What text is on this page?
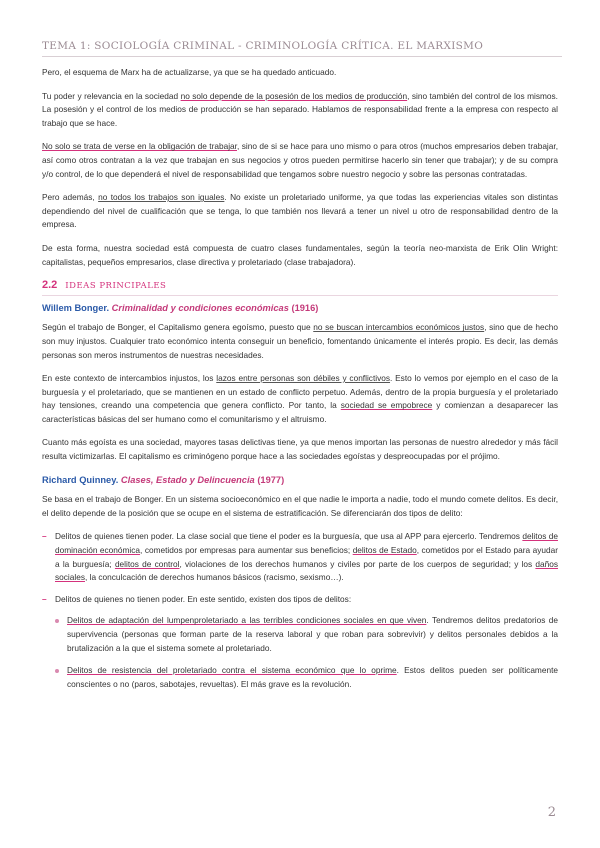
TEMA 1: SOCIOLOGÍA CRIMINAL - CRIMINOLOGÍA CRÍTICA. EL MARXISMO

Pero, el esquema de Marx ha de actualizarse, ya que se ha quedado anticuado.

Tu poder y relevancia en la sociedad no solo depende de la posesión de los medios de producción, sino también del control de los mismos. La posesión y el control de los medios de producción se han separado. Hablamos de responsabilidad frente a la empresa con respecto al trabajo que se hace.

No solo se trata de verse en la obligación de trabajar, sino de si se hace para uno mismo o para otros (muchos empresarios deben trabajar, así como otros contratan a la vez que trabajan en sus negocios y otros pueden permitirse hacerlo sin tener que trabajar); y de su compra y/o control, de lo que dependerá el nivel de responsabilidad que tengamos sobre nuestro negocio y sobre las personas contratadas.

Pero además, no todos los trabajos son iguales. No existe un proletariado uniforme, ya que todas las experiencias vitales son distintas dependiendo del nivel de cualificación que se tenga, lo que también nos llevará a tener un nivel u otro de responsabilidad dentro de la empresa.

De esta forma, nuestra sociedad está compuesta de cuatro clases fundamentales, según la teoría neo-marxista de Erik Olin Wright: capitalistas, pequeños empresarios, clase directiva y proletariado (clase trabajadora).

2.2 IDEAS PRINCIPALES
Willem Bonger. Criminalidad y condiciones económicas (1916)

Según el trabajo de Bonger, el Capitalismo genera egoísmo, puesto que no se buscan intercambios económicos justos, sino que de hecho son muy injustos. Cualquier trato económico intenta conseguir un beneficio, fomentando únicamente el interés propio. Es decir, las demás personas son meros instrumentos de nuestras necesidades.

En este contexto de intercambios injustos, los lazos entre personas son débiles y conflictivos. Esto lo vemos por ejemplo en el caso de la burguesía y el proletariado, que se mantienen en un estado de conflicto perpetuo. Además, dentro de la propia burguesía y el proletariado hay tensiones, creando una competencia que genera conflicto. Por tanto, la sociedad se empobrece y comienzan a desaparecer las características básicas del ser humano como el comunitarismo y el altruismo.

Cuanto más egoísta es una sociedad, mayores tasas delictivas tiene, ya que menos importan las personas de nuestro alrededor y más fácil resulta victimizarlas. El capitalismo es criminógeno porque hace a las sociedades egoístas y despreocupadas por el prójimo.

Richard Quinney. Clases, Estado y Delincuencia (1977)

Se basa en el trabajo de Bonger. En un sistema socioeconómico en el que nadie le importa a nadie, todo el mundo comete delitos. Es decir, el delito depende de la posición que se ocupe en el sistema de estratificación. Se diferenciarán dos tipos de delito:

– Delitos de quienes tienen poder. La clase social que tiene el poder es la burguesía, que usa al APP para ejercerlo. Tendremos delitos de dominación económica, cometidos por empresas para aumentar sus beneficios; delitos de Estado, cometidos por el Estado para ayudar a la burguesía; delitos de control, violaciones de los derechos humanos y civiles por parte de los cuerpos de seguridad; y los daños sociales, la conculcación de derechos humanos básicos (racismo, sexismo…).
– Delitos de quienes no tienen poder. En este sentido, existen dos tipos de delitos:
Delitos de adaptación del lumpenproletariado a las terribles condiciones sociales en que viven. Tendremos delitos predatorios de supervivencia (personas que forman parte de la reserva laboral y que roban para sobrevivir) y delitos personales debidos a la brutalización a la que el sistema somete al proletariado.
Delitos de resistencia del proletariado contra el sistema económico que lo oprime. Estos delitos pueden ser políticamente conscientes o no (paros, sabotajes, revueltas). El más grave es la revolución.
2
